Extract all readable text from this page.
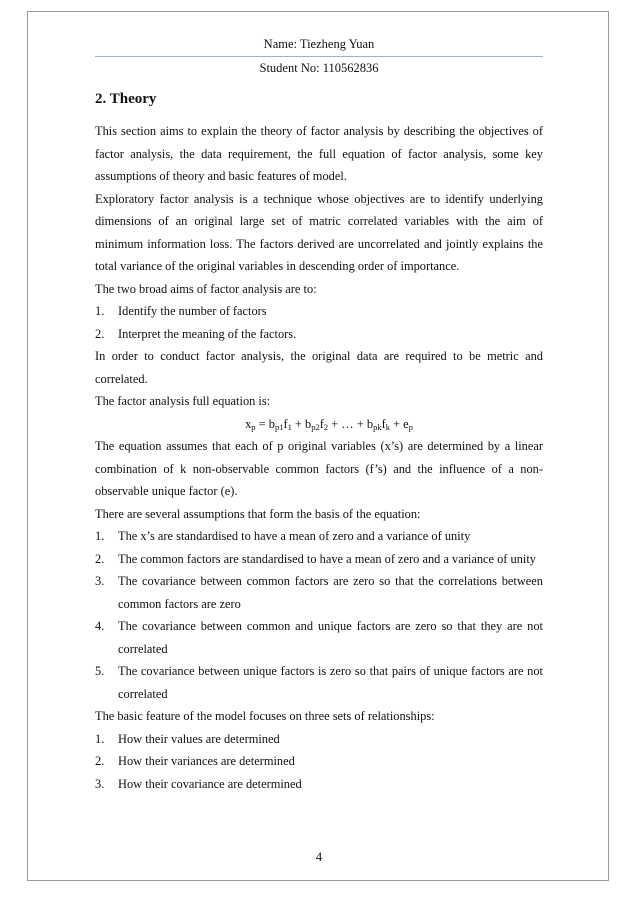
Name: Tiezheng Yuan
Student No: 110562836
2. Theory

This section aims to explain the theory of factor analysis by describing the objectives of factor analysis, the data requirement, the full equation of factor analysis, some key assumptions of theory and basic features of model.

Exploratory factor analysis is a technique whose objectives are to identify underlying dimensions of an original large set of matric correlated variables with the aim of minimum information loss. The factors derived are uncorrelated and jointly explains the total variance of the original variables in descending order of importance.

The two broad aims of factor analysis are to:

1.	Identify the number of factors
2.	Interpret the meaning of the factors.

In order to conduct factor analysis, the original data are required to be metric and correlated.

The factor analysis full equation is:

$x_p = b_{p1}f_1 + b_{p2}f_2$ + … + $b_{pk}f_k + e_p$

The equation assumes that each of p original variables (x’s) are determined by a linear combination of k non-observable common factors (f’s) and the influence of a non-observable unique factor (e).

There are several assumptions that form the basis of the equation:

1.	The x’s are standardised to have a mean of zero and a variance of unity
2.	The common factors are standardised to have a mean of zero and a variance of unity
3.	The covariance between common factors are zero so that the correlations between common factors are zero
4.	The covariance between common and unique factors are zero so that they are not correlated
5.	The covariance between unique factors is zero so that pairs of unique factors are not correlated

The basic feature of the model focuses on three sets of relationships:

1.	How their values are determined
2.	How their variances are determined
3.	How their covariance are determined
4
